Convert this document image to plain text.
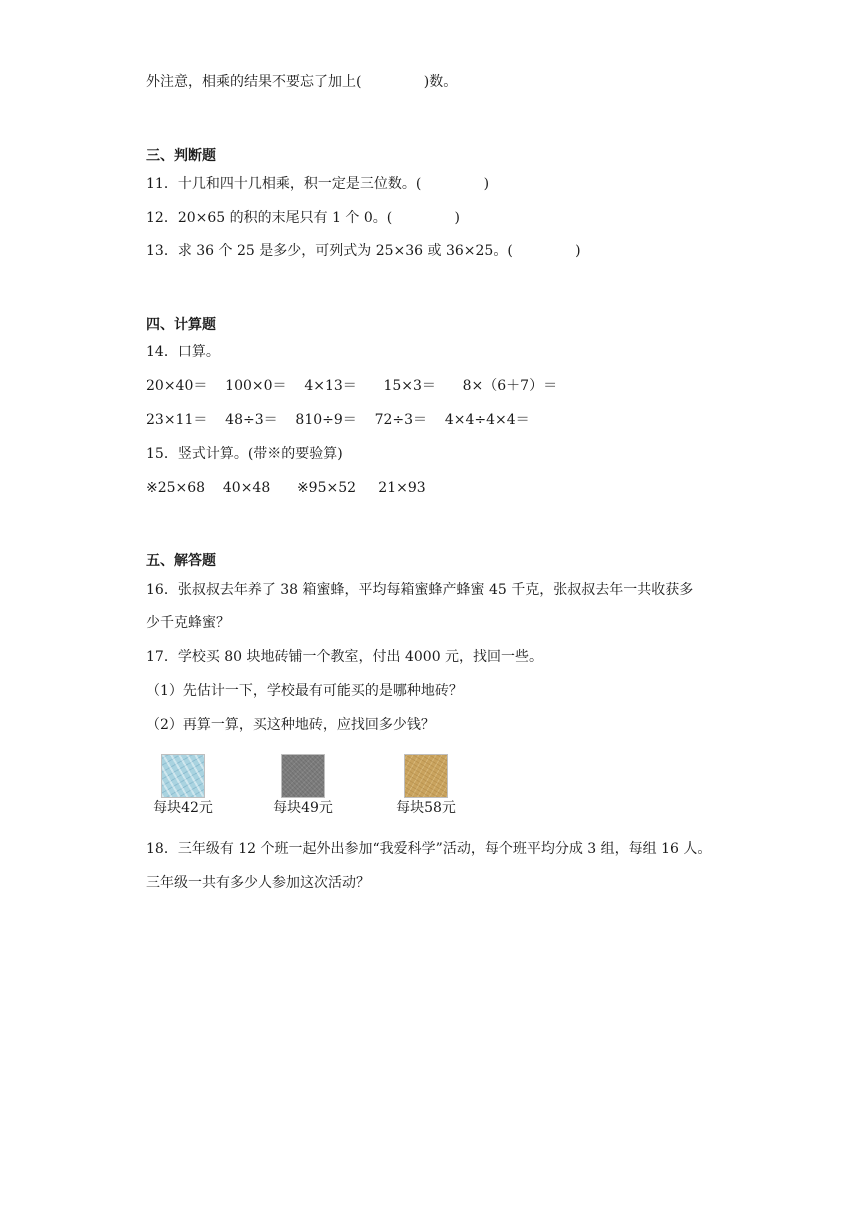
外注意，相乘的结果不要忘了加上(              )数。
三、判断题
11．十几和四十几相乘，积一定是三位数。(              )
12．20×65 的积的末尾只有 1 个 0。(              )
13．求 36 个 25 是多少，可列式为 25×36 或 36×25。(              )
四、计算题
14．口算。
20×40＝    100×0＝    4×13＝      15×3＝      8×（6＋7）＝
23×11＝    48÷3＝    810÷9＝    72÷3＝    4×4÷4×4＝
15．竖式计算。(带※的要验算)
※25×68    40×48      ※95×52     21×93
五、解答题
16．张叔叔去年养了 38 箱蜜蜂，平均每箱蜜蜂产蜂蜜 45 千克，张叔叔去年一共收获多
少千克蜂蜜？
17．学校买 80 块地砖铺一个教室，付出 4000 元，找回一些。
（1）先估计一下，学校最有可能买的是哪种地砖？
（2）再算一算，买这种地砖，应找回多少钱？
每块42元	每块49元	每块58元
18．三年级有 12 个班一起外出参加“我爱科学”活动，每个班平均分成 3 组，每组 16 人。
三年级一共有多少人参加这次活动？
